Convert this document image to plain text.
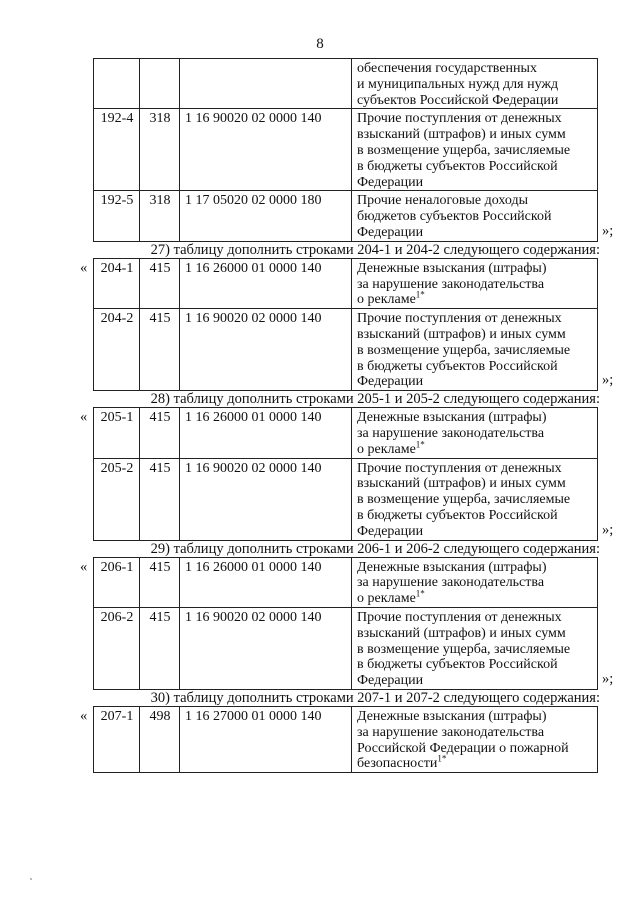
8

			обеспечения государственных
и муниципальных нужд для нужд
субъектов Российской Федерации

192-4	318	1 16 90020 02 0000 140	Прочие поступления от денежных
взысканий (штрафов) и иных сумм
в возмещение ущерба, зачисляемые
в бюджеты субъектов Российской
Федерации

192-5	318	1 17 05020 02 0000 180	Прочие неналоговые доходы
бюджетов субъектов Российской
Федерации	»;
27) таблицу дополнить строками 204-1 и 204-2 следующего содержания:
« 204-1	415	1 16 26000 01 0000 140	Денежные взыскания (штрафы)
за нарушение законодательства
о рекламе$^{1*}$

204-2	415	1 16 90020 02 0000 140	Прочие поступления от денежных
взысканий (штрафов) и иных сумм
в возмещение ущерба, зачисляемые
в бюджеты субъектов Российской
Федерации	»;
28) таблицу дополнить строками 205-1 и 205-2 следующего содержания:
« 205-1	415	1 16 26000 01 0000 140	Денежные взыскания (штрафы)
за нарушение законодательства
о рекламе$^{1*}$

205-2	415	1 16 90020 02 0000 140	Прочие поступления от денежных
взысканий (штрафов) и иных сумм
в возмещение ущерба, зачисляемые
в бюджеты субъектов Российской
Федерации	»;
29) таблицу дополнить строками 206-1 и 206-2 следующего содержания:
« 206-1	415	1 16 26000 01 0000 140	Денежные взыскания (штрафы)
за нарушение законодательства
о рекламе$^{1*}$

206-2	415	1 16 90020 02 0000 140	Прочие поступления от денежных
взысканий (штрафов) и иных сумм
в возмещение ущерба, зачисляемые
в бюджеты субъектов Российской
Федерации	»;
30) таблицу дополнить строками 207-1 и 207-2 следующего содержания:
« 207-1	498	1 16 27000 01 0000 140	Денежные взыскания (штрафы)
за нарушение законодательства
Российской Федерации о пожарной
безопасности$^{1*}$
